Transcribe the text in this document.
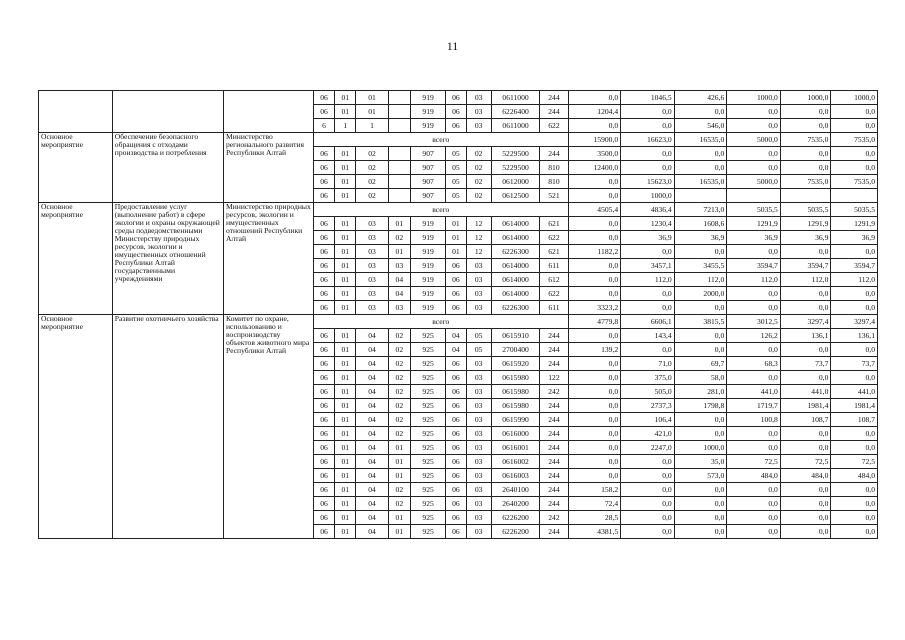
11
			06	01	01		919	06	03	0611000	244	0,0	1046,5	426,6	1000,0	1000,0	1000,0
			06	01	01		919	06	03	6226400	244	1204,4	0,0	0,0	0,0	0,0	0,0
			6	1	1		919	06	03	0611000	622	0,0	0,0	546,0	0,0	0,0	0,0
Основное мероприятие	Обеспечение безопасного обращения с отходами производства и потребления	Министерство регионального развития Республики Алтай	всего									15900,0	16623,0	16535,0	5000,0	7535,0	7535,0
			06	01	02		907	05	02	5229500	244	3500,0	0,0	0,0	0,0	0,0	0,0
			06	01	02		907	05	02	5229500	810	12400,0	0,0	0,0	0,0	0,0	0,0
			06	01	02		907	05	02	0612000	810	0,0	15623,0	16535,0	5000,0	7535,0	7535,0
			06	01	02		907	05	02	0612500	521	0,0	1000,0				
Основное мероприятие	Предоставление услуг (выполнение работ) в сфере экологии и охраны окружающей среды подведомственными Министерству природных ресурсов, экологии и имущественных отношений Республики Алтай государственными учреждениями	Министерство природных ресурсов, экологии и имущественных отношений Республики Алтай	всего									4505,4	4836,4	7213,0	5035,5	5035,5	5035,5
			06	01	03	01	919	01	12	0614000	621	0,0	1230,4	1608,6	1291,9	1291,9	1291,9
			06	01	03	02	919	01	12	0614000	622	0,0	36,9	36,9	36,9	36,9	36,9
			06	01	03	01	919	01	12	6226300	621	1182,2	0,0	0,0	0,0	0,0	0,0
			06	01	03	03	919	06	03	0614000	611	0,0	3457,1	3455,5	3594,7	3594,7	3594,7
			06	01	03	04	919	06	03	0614000	612	0,0	112,0	112,0	112,0	112,0	112,0
			06	01	03	04	919	06	03	0614000	622	0,0	0,0	2000,0	0,0	0,0	0,0
			06	01	03	03	919	06	03	6226300	611	3323,2	0,0	0,0	0,0	0,0	0,0
Основное мероприятие	Развитие охотничьего хозяйства	Комитет по охране, использованию и воспроизводству объектов животного мира Республики Алтай	всего									4779,8	6606,1	3815,5	3012,5	3297,4	3297,4
			06	01	04	02	925	04	05	0615910	244	0,0	143,4	0,0	126,2	136,1	136,1
			06	01	04	02	925	04	05	2700400	244	139,2	0,0	0,0	0,0	0,0	0,0
			06	01	04	02	925	06	03	0615920	244	0,0	71,0	69,7	68,3	73,7	73,7
			06	01	04	02	925	06	03	0615980	122	0,0	375,0	58,0	0,0	0,0	0,0
			06	01	04	02	925	06	03	0615980	242	0,0	505,0	281,0	441,0	441,0	441,0
			06	01	04	02	925	06	03	0615980	244	0,0	2737,3	1798,8	1719,7	1981,4	1981,4
			06	01	04	02	925	06	03	0615990	244	0,0	106,4	0,0	100,8	108,7	108,7
			06	01	04	02	925	06	03	0616000	244	0,0	421,0	0,0	0,0	0,0	0,0
			06	01	04	01	925	06	03	0616001	244	0,0	2247,0	1000,0	0,0	0,0	0,0
			06	01	04	01	925	06	03	0616002	244	0,0	0,0	35,0	72,5	72,5	72,5
			06	01	04	01	925	06	03	0616003	244	0,0	0,0	573,0	484,0	484,0	484,0
			06	01	04	02	925	06	03	2640100	244	158,2	0,0	0,0	0,0	0,0	0,0
			06	01	04	02	925	06	03	2640200	244	72,4	0,0	0,0	0,0	0,0	0,0
			06	01	04	01	925	06	03	6226200	242	28,5	0,0	0,0	0,0	0,0	0,0
			06	01	04	01	925	06	03	6226200	244	4381,5	0,0	0,0	0,0	0,0	0,0
